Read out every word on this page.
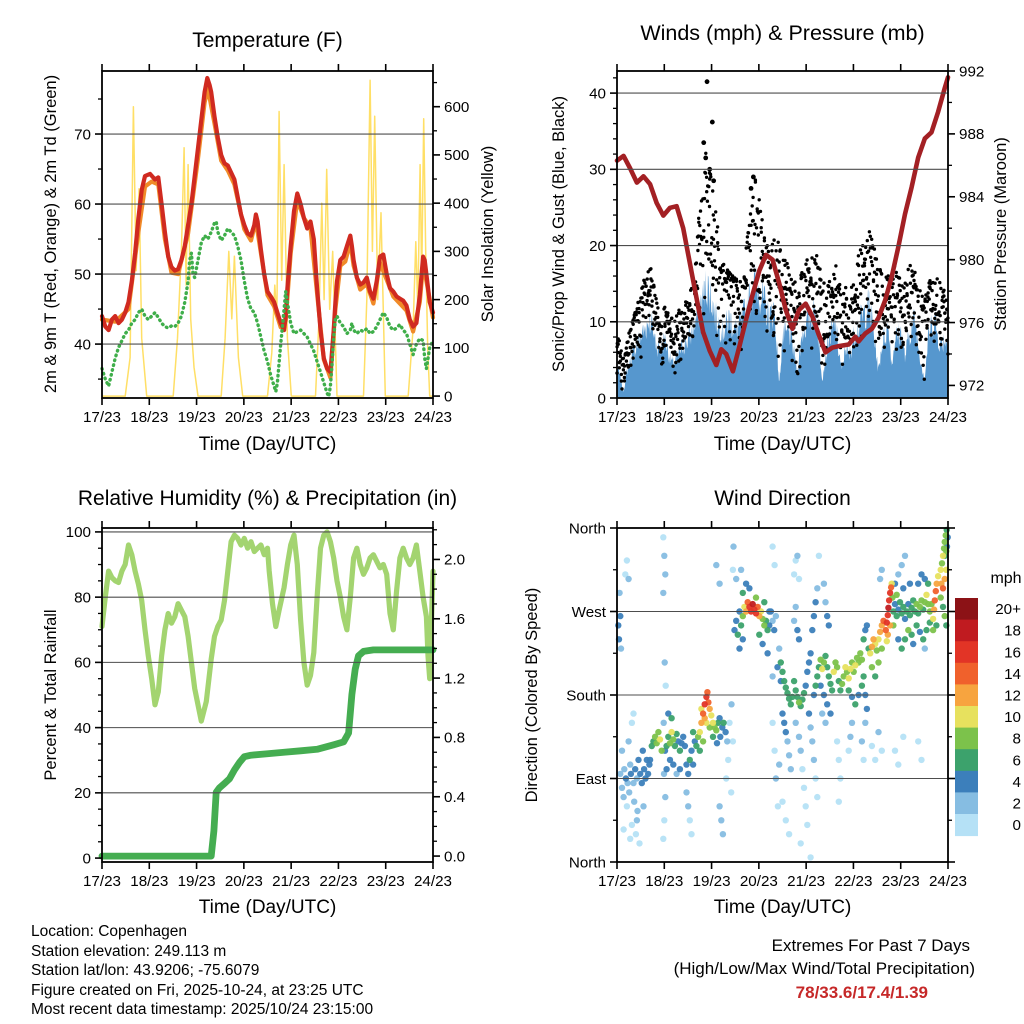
17/23 18/23 19/23 20/23 21/23 22/23 23/23 24/23
40
50
60
70
0
100
200
300
400
500
600
17/23 18/23 19/23 20/23 21/23 22/23 23/23 24/23
0
10
20
30
40
972
976
980
984
988
992
17/23 18/23 19/23 20/23 21/23 22/23 23/23 24/23
0
20
40
60
80
100
0.0
0.4
0.8
1.2
1.6
2.0
17/23 18/23 19/23 20/23 21/23 22/23 23/23 24/23
North
West
South
East
North
20+
18
16
14
12
10
8
6
4
2
0
Temperature (F)	Winds (mph) & Pressure (mb)
Relative Humidity (%) & Precipitation (in)	Wind Direction
Time (Day/UTC)	Time (Day/UTC)
Time (Day/UTC)	Time (Day/UTC)
2m & 9m T (Red, Orange) & 2m Td (Green)	Solar Insolation (Yellow)	Sonic/Prop Wind & Gust (Blue, Black)	Station Pressure (Maroon)
Percent & Total Rainfall	Direction (Colored By Speed)
mph
Location: Copenhagen
Station elevation: 249.113 m
Station lat/lon: 43.9206; -75.6079
Figure created on Fri, 2025-10-24, at 23:25 UTC
Most recent data timestamp: 2025/10/24 23:15:00
Extremes For Past 7 Days
(High/Low/Max Wind/Total Precipitation)
78/33.6/17.4/1.39
